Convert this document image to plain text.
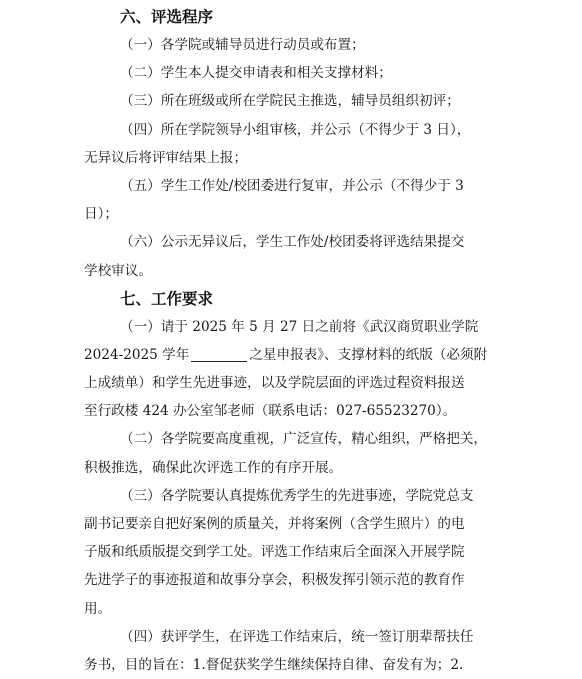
六、评选程序
（一）各学院或辅导员进行动员或布置；
（二）学生本人提交申请表和相关支撑材料；
（三）所在班级或所在学院民主推选，辅导员组织初评；
（四）所在学院领导小组审核，并公示（不得少于 3 日），
无异议后将评审结果上报；
（五）学生工作处/校团委进行复审，并公示（不得少于 3
日）；
（六）公示无异议后，学生工作处/校团委将评选结果提交
学校审议。
七、工作要求
（一）请于 2025 年 5 月 27 日之前将《武汉商贸职业学院
2024-2025 学年	之星申报表》、支撑材料的纸版（必须附
上成绩单）和学生先进事迹，以及学院层面的评选过程资料报送
至行政楼 424 办公室邹老师（联系电话：027-65523270）。
（二）各学院要高度重视，广泛宣传，精心组织，严格把关，
积极推选，确保此次评选工作的有序开展。
（三）各学院要认真提炼优秀学生的先进事迹，学院党总支
副书记要亲自把好案例的质量关，并将案例（含学生照片）的电
子版和纸质版提交到学工处。评选工作结束后全面深入开展学院
先进学子的事迹报道和故事分享会，积极发挥引领示范的教育作
用。
（四）获评学生，在评选工作结束后，统一签订朋辈帮扶任
务书，目的旨在：1.督促获奖学生继续保持自律、奋发有为；2.
